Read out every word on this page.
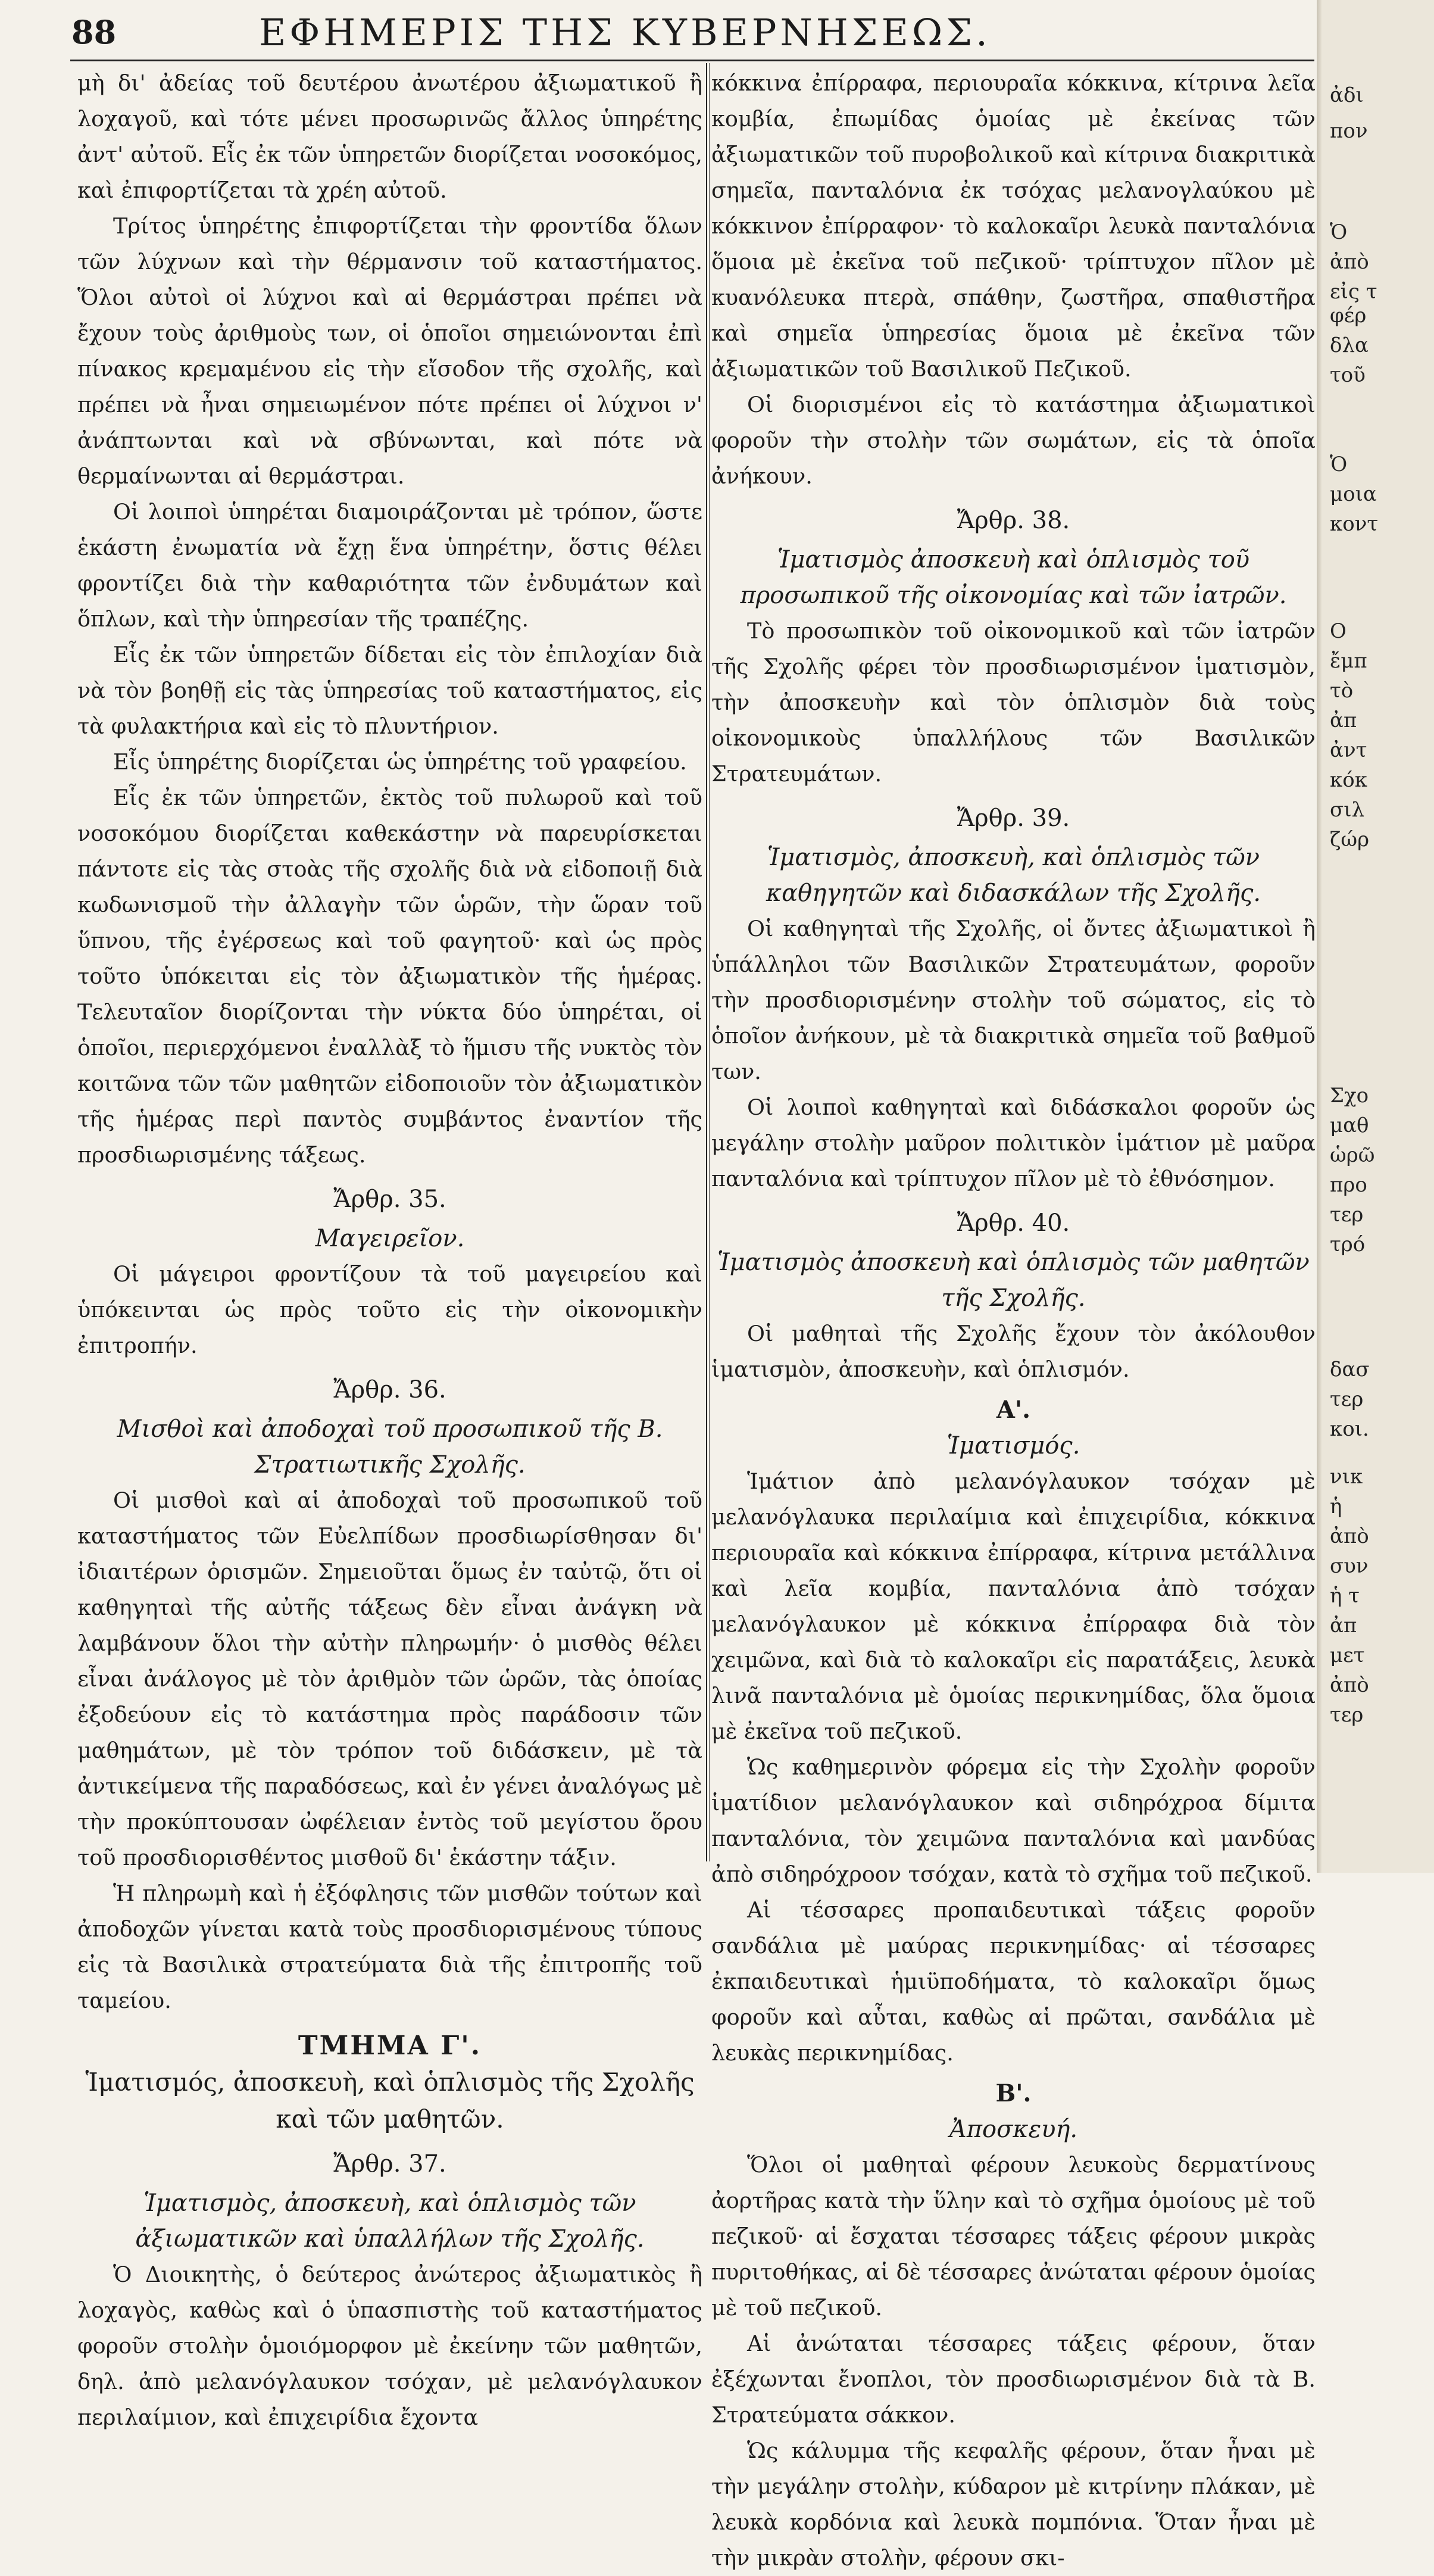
88	ΕΦΗΜΕΡΙΣ ΤΗΣ ΚΥΒΕΡΝΗΣΕΩΣ.

μὴ δι' ἀδείας τοῦ δευτέρου ἀνωτέρου ἀξιωματικοῦ ἢ λοχαγοῦ, καὶ τότε μένει προσωρινῶς ἄλλος ὑπηρέτης ἀντ' αὐτοῦ. Εἷς ἐκ τῶν ὑπηρετῶν διορίζεται νοσοκόμος, καὶ ἐπιφορτίζεται τὰ χρέη αὐτοῦ.

Τρίτος ὑπηρέτης ἐπιφορτίζεται τὴν φροντίδα ὅλων τῶν λύχνων καὶ τὴν θέρμανσιν τοῦ καταστήματος. Ὅλοι αὐτοὶ οἱ λύχνοι καὶ αἱ θερμάστραι πρέπει νὰ ἔχουν τοὺς ἀριθμοὺς των, οἱ ὁποῖοι σημειώνονται ἐπὶ πίνακος κρεμαμένου εἰς τὴν εἴσοδον τῆς σχολῆς, καὶ πρέπει νὰ ἦναι σημειωμένον πότε πρέπει οἱ λύχνοι ν' ἀνάπτωνται καὶ νὰ σβύνωνται, καὶ πότε νὰ θερμαίνωνται αἱ θερμάστραι.

Οἱ λοιποὶ ὑπηρέται διαμοιράζονται μὲ τρόπον, ὥστε ἑκάστη ἐνωματία νὰ ἔχῃ ἕνα ὑπηρέτην, ὅστις θέλει φροντίζει διὰ τὴν καθαριότητα τῶν ἐνδυμάτων καὶ ὅπλων, καὶ τὴν ὑπηρεσίαν τῆς τραπέζης.

Εἷς ἐκ τῶν ὑπηρετῶν δίδεται εἰς τὸν ἐπιλοχίαν διὰ νὰ τὸν βοηθῇ εἰς τὰς ὑπηρεσίας τοῦ καταστήματος, εἰς τὰ φυλακτήρια καὶ εἰς τὸ πλυντήριον.

Εἷς ὑπηρέτης διορίζεται ὡς ὑπηρέτης τοῦ γραφείου.

Εἷς ἐκ τῶν ὑπηρετῶν, ἐκτὸς τοῦ πυλωροῦ καὶ τοῦ νοσοκόμου διορίζεται καθεκάστην νὰ παρευρίσκεται πάντοτε εἰς τὰς στοὰς τῆς σχολῆς διὰ νὰ εἰδοποιῇ διὰ κωδωνισμοῦ τὴν ἀλλαγὴν τῶν ὡρῶν, τὴν ὥραν τοῦ ὕπνου, τῆς ἐγέρσεως καὶ τοῦ φαγητοῦ· καὶ ὡς πρὸς τοῦτο ὑπόκειται εἰς τὸν ἀξιωματικὸν τῆς ἡμέρας. Τελευταῖον διορίζονται τὴν νύκτα δύο ὑπηρέται, οἱ ὁποῖοι, περιερχόμενοι ἐναλλὰξ τὸ ἥμισυ τῆς νυκτὸς τὸν κοιτῶνα τῶν τῶν μαθητῶν εἰδοποιοῦν τὸν ἀξιωματικὸν τῆς ἡμέρας περὶ παντὸς συμβάντος ἐναντίον τῆς προσδιωρισμένης τάξεως.

Ἄρθρ. 35.
Μαγειρεῖον.

Οἱ μάγειροι φροντίζουν τὰ τοῦ μαγειρείου καὶ ὑπόκεινται ὡς πρὸς τοῦτο εἰς τὴν οἰκονομικὴν ἐπιτροπήν.

Ἄρθρ. 36.
Μισθοὶ καὶ ἀποδοχαὶ τοῦ προσωπικοῦ τῆς Β. Στρατιωτικῆς Σχολῆς.

Οἱ μισθοὶ καὶ αἱ ἀποδοχαὶ τοῦ προσωπικοῦ τοῦ καταστήματος τῶν Εὐελπίδων προσδιωρίσθησαν δι' ἰδιαιτέρων ὁρισμῶν. Σημειοῦται ὅμως ἐν ταὐτῷ, ὅτι οἱ καθηγηταὶ τῆς αὐτῆς τάξεως δὲν εἶναι ἀνάγκη νὰ λαμβάνουν ὅλοι τὴν αὐτὴν πληρωμήν· ὁ μισθὸς θέλει εἶναι ἀνάλογος μὲ τὸν ἀριθμὸν τῶν ὡρῶν, τὰς ὁποίας ἐξοδεύουν εἰς τὸ κατάστημα πρὸς παράδοσιν τῶν μαθημάτων, μὲ τὸν τρόπον τοῦ διδάσκειν, μὲ τὰ ἀντικείμενα τῆς παραδόσεως, καὶ ἐν γένει ἀναλόγως μὲ τὴν προκύπτουσαν ὠφέλειαν ἐντὸς τοῦ μεγίστου ὅρου τοῦ προσδιορισθέντος μισθοῦ δι' ἑκάστην τάξιν.

Ἡ πληρωμὴ καὶ ἡ ἐξόφλησις τῶν μισθῶν τούτων καὶ ἀποδοχῶν γίνεται κατὰ τοὺς προσδιορισμένους τύπους εἰς τὰ Βασιλικὰ στρατεύματα διὰ τῆς ἐπιτροπῆς τοῦ ταμείου.

ΤΜΗΜΑ Γ'.
Ἱματισμός, ἀποσκευὴ, καὶ ὁπλισμὸς τῆς Σχολῆς καὶ τῶν μαθητῶν.
Ἄρθρ. 37.
Ἱματισμὸς, ἀποσκευὴ, καὶ ὁπλισμὸς τῶν ἀξιωματικῶν καὶ ὑπαλλήλων τῆς Σχολῆς.

Ὁ Διοικητὴς, ὁ δεύτερος ἀνώτερος ἀξιωματικὸς ἢ λοχαγὸς, καθὼς καὶ ὁ ὑπασπιστὴς τοῦ καταστήματος φοροῦν στολὴν ὁμοιόμορφον μὲ ἐκείνην τῶν μαθητῶν, δηλ. ἀπὸ μελανόγλαυκον τσόχαν, μὲ μελανόγλαυκον περιλαίμιον, καὶ ἐπιχειρίδια ἔχοντα

κόκκινα ἐπίρραφα, περιουραῖα κόκκινα, κίτρινα λεῖα κομβία, ἐπωμίδας ὁμοίας μὲ ἐκείνας τῶν ἀξιωματικῶν τοῦ πυροβολικοῦ καὶ κίτρινα διακριτικὰ σημεῖα, πανταλόνια ἐκ τσόχας μελανογλαύκου μὲ κόκκινον ἐπίρραφον· τὸ καλοκαῖρι λευκὰ πανταλόνια ὅμοια μὲ ἐκεῖνα τοῦ πεζικοῦ· τρίπτυχον πῖλον μὲ κυανόλευκα πτερὰ, σπάθην, ζωστῆρα, σπαθιστῆρα καὶ σημεῖα ὑπηρεσίας ὅμοια μὲ ἐκεῖνα τῶν ἀξιωματικῶν τοῦ Βασιλικοῦ Πεζικοῦ.

Οἱ διορισμένοι εἰς τὸ κατάστημα ἀξιωματικοὶ φοροῦν τὴν στολὴν τῶν σωμάτων, εἰς τὰ ὁποῖα ἀνήκουν.

Ἄρθρ. 38.
Ἱματισμὸς ἀποσκευὴ καὶ ὁπλισμὸς τοῦ προσωπικοῦ τῆς οἰκονομίας καὶ τῶν ἰατρῶν.

Τὸ προσωπικὸν τοῦ οἰκονομικοῦ καὶ τῶν ἰατρῶν τῆς Σχολῆς φέρει τὸν προσδιωρισμένον ἱματισμὸν, τὴν ἀποσκευὴν καὶ τὸν ὁπλισμὸν διὰ τοὺς οἰκονομικοὺς ὑπαλλήλους τῶν Βασιλικῶν Στρατευμάτων.

Ἄρθρ. 39.
Ἱματισμὸς, ἀποσκευὴ, καὶ ὁπλισμὸς τῶν καθηγητῶν καὶ διδασκάλων τῆς Σχολῆς.

Οἱ καθηγηταὶ τῆς Σχολῆς, οἱ ὄντες ἀξιωματικοὶ ἢ ὑπάλληλοι τῶν Βασιλικῶν Στρατευμάτων, φοροῦν τὴν προσδιορισμένην στολὴν τοῦ σώματος, εἰς τὸ ὁποῖον ἀνήκουν, μὲ τὰ διακριτικὰ σημεῖα τοῦ βαθμοῦ των.

Οἱ λοιποὶ καθηγηταὶ καὶ διδάσκαλοι φοροῦν ὡς μεγάλην στολὴν μαῦρον πολιτικὸν ἱμάτιον μὲ μαῦρα πανταλόνια καὶ τρίπτυχον πῖλον μὲ τὸ ἐθνόσημον.

Ἄρθρ. 40.
Ἱματισμὸς ἀποσκευὴ καὶ ὁπλισμὸς τῶν μαθητῶν τῆς Σχολῆς.

Οἱ μαθηταὶ τῆς Σχολῆς ἔχουν τὸν ἀκόλουθον ἱματισμὸν, ἀποσκευὴν, καὶ ὁπλισμόν.

Α'.
Ἱματισμός.

Ἱμάτιον ἀπὸ μελανόγλαυκον τσόχαν μὲ μελανόγλαυκα περιλαίμια καὶ ἐπιχειρίδια, κόκκινα περιουραῖα καὶ κόκκινα ἐπίρραφα, κίτρινα μετάλλινα καὶ λεῖα κομβία, πανταλόνια ἀπὸ τσόχαν μελανόγλαυκον μὲ κόκκινα ἐπίρραφα διὰ τὸν χειμῶνα, καὶ διὰ τὸ καλοκαῖρι εἰς παρατάξεις, λευκὰ λινᾶ πανταλόνια μὲ ὁμοίας περικνημίδας, ὅλα ὅμοια μὲ ἐκεῖνα τοῦ πεζικοῦ.

Ὡς καθημερινὸν φόρεμα εἰς τὴν Σχολὴν φοροῦν ἱματίδιον μελανόγλαυκον καὶ σιδηρόχροα δίμιτα πανταλόνια, τὸν χειμῶνα πανταλόνια καὶ μανδύας ἀπὸ σιδηρόχροον τσόχαν, κατὰ τὸ σχῆμα τοῦ πεζικοῦ.

Αἱ τέσσαρες προπαιδευτικαὶ τάξεις φοροῦν σανδάλια μὲ μαύρας περικνημίδας· αἱ τέσσαρες ἐκπαιδευτικαὶ ἡμιϋποδήματα, τὸ καλοκαῖρι ὅμως φοροῦν καὶ αὗται, καθὼς αἱ πρῶται, σανδάλια μὲ λευκὰς περικνημίδας.

Β'.
Ἀποσκευή.

Ὅλοι οἱ μαθηταὶ φέρουν λευκοὺς δερματίνους ἀορτῆρας κατὰ τὴν ὕλην καὶ τὸ σχῆμα ὁμοίους μὲ τοῦ πεζικοῦ· αἱ ἔσχαται τέσσαρες τάξεις φέρουν μικρὰς πυριτοθήκας, αἱ δὲ τέσσαρες ἀνώταται φέρουν ὁμοίας μὲ τοῦ πεζικοῦ.

Αἱ ἀνώταται τέσσαρες τάξεις φέρουν, ὅταν ἐξέχωνται ἔνοπλοι, τὸν προσδιωρισμένον διὰ τὰ Β. Στρατεύματα σάκκον.

Ὡς κάλυμμα τῆς κεφαλῆς φέρουν, ὅταν ἦναι μὲ τὴν μεγάλην στολὴν, κύδαρον μὲ κιτρίνην πλάκαν, μὲ λευκὰ κορδόνια καὶ λευκὰ πομπόνια. Ὅταν ἦναι μὲ τὴν μικρὰν στολὴν, φέρουν σκι-

ἀδι
πον
Ὁ
ἀπὸ
εἰς τ
φέρ
δλα
τοῦ
Ὁ
μοια
κοντ
Ο
ἔμπ
τὸ
ἀπ
ἀντ
κόκ
σιλ
ζώρ
Σχο
μαθ
ὡρῶ
προ
τερ
τρό
δασ
τερ
κοι.
νικ
ἡ
ἀπὸ
συν
ἡ τ
ἀπ
μετ
ἀπὸ
τερ
